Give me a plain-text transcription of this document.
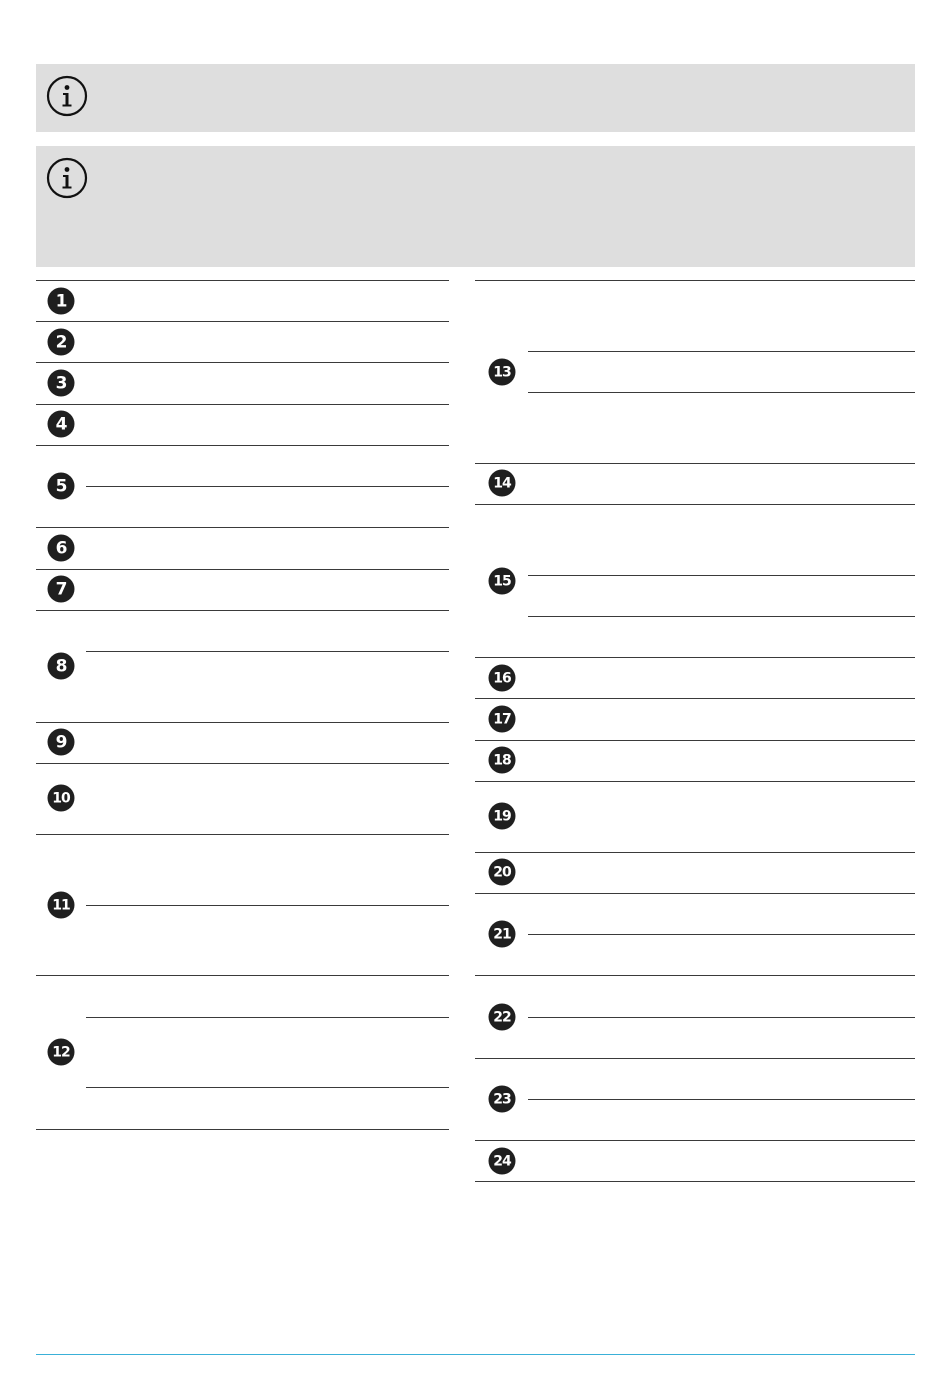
1
2
3
4
5
6
7
8
9
10
11
12
13
14
15
16
17
18
19
20
21
22
23
24
